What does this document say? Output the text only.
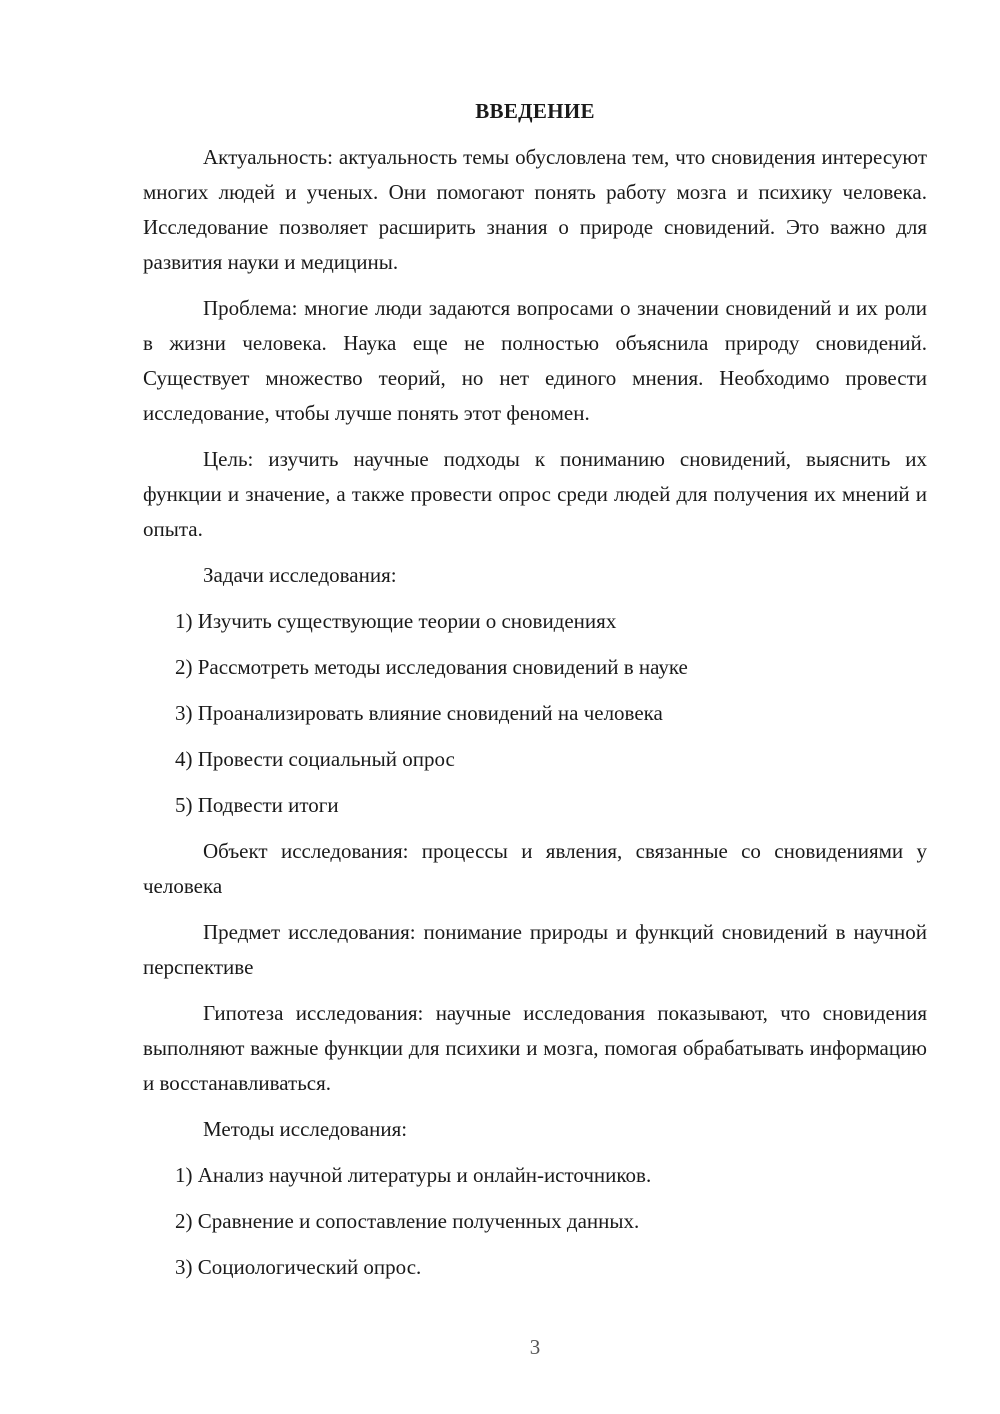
ВВЕДЕНИЕ

Актуальность: актуальность темы обусловлена тем, что сновидения интересуют многих людей и ученых. Они помогают понять работу мозга и психику человека. Исследование позволяет расширить знания о природе сновидений. Это важно для развития науки и медицины.

Проблема: многие люди задаются вопросами о значении сновидений и их роли в жизни человека. Наука еще не полностью объяснила природу сновидений. Существует множество теорий, но нет единого мнения. Необходимо провести исследование, чтобы лучше понять этот феномен.

Цель: изучить научные подходы к пониманию сновидений, выяснить их функции и значение, а также провести опрос среди людей для получения их мнений и опыта.

Задачи исследования:

1) Изучить существующие теории о сновидениях

2) Рассмотреть методы исследования сновидений в науке

3) Проанализировать влияние сновидений на человека

4) Провести социальный опрос

5) Подвести итоги

Объект исследования: процессы и явления, связанные со сновидениями у человека

Предмет исследования: понимание природы и функций сновидений в научной перспективе

Гипотеза исследования: научные исследования показывают, что сновидения выполняют важные функции для психики и мозга, помогая обрабатывать информацию и восстанавливаться.

Методы исследования:

1) Анализ научной литературы и онлайн-источников.

2) Сравнение и сопоставление полученных данных.

3) Социологический опрос.

3
